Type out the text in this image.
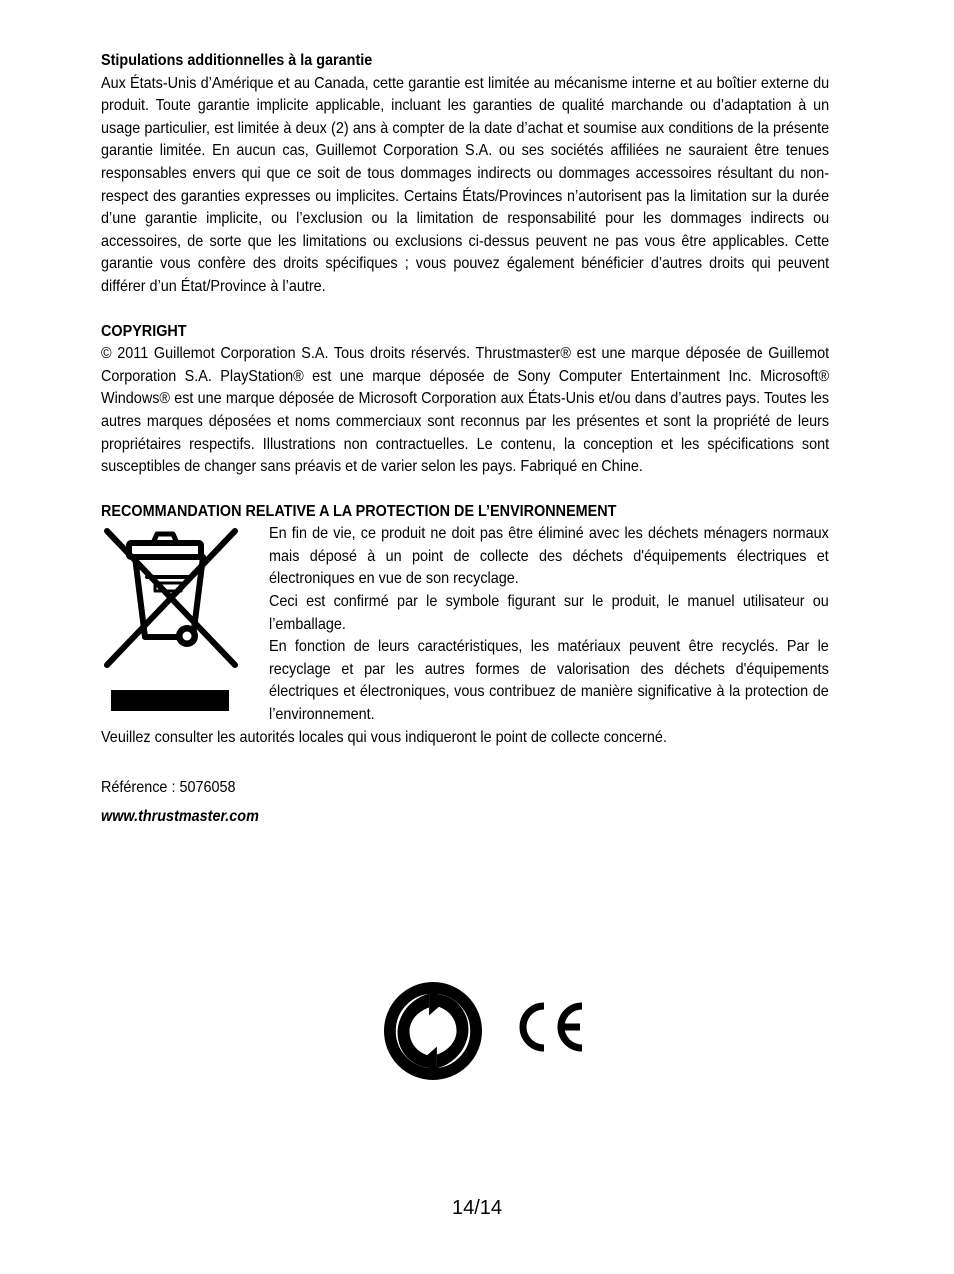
Stipulations additionnelles à la garantie

Aux États-Unis d’Amérique et au Canada, cette garantie est limitée au mécanisme interne et au boîtier externe du produit. Toute garantie implicite applicable, incluant les garanties de qualité marchande ou d’adaptation à un usage particulier, est limitée à deux (2) ans à compter de la date d’achat et soumise aux conditions de la présente garantie limitée. En aucun cas, Guillemot Corporation S.A. ou ses sociétés affiliées ne sauraient être tenues responsables envers qui que ce soit de tous dommages indirects ou dommages accessoires résultant du non-respect des garanties expresses ou implicites. Certains États/Provinces n’autorisent pas la limitation sur la durée d’une garantie implicite, ou l’exclusion ou la limitation de responsabilité pour les dommages indirects ou accessoires, de sorte que les limitations ou exclusions ci-dessus peuvent ne pas vous être applicables. Cette garantie vous confère des droits spécifiques ; vous pouvez également bénéficier d’autres droits qui peuvent différer d’un État/Province à l’autre.

COPYRIGHT

© 2011 Guillemot Corporation S.A. Tous droits réservés. Thrustmaster® est une marque déposée de Guillemot Corporation S.A. PlayStation® est une marque déposée de Sony Computer Entertainment Inc. Microsoft® Windows® est une marque déposée de Microsoft Corporation aux États-Unis et/ou dans d’autres pays. Toutes les autres marques déposées et noms commerciaux sont reconnus par les présentes et sont la propriété de leurs propriétaires respectifs. Illustrations non contractuelles. Le contenu, la conception et les spécifications sont susceptibles de changer sans préavis et de varier selon les pays. Fabriqué en Chine.

RECOMMANDATION RELATIVE A LA PROTECTION DE L’ENVIRONNEMENT

En fin de vie, ce produit ne doit pas être éliminé avec les déchets ménagers normaux mais déposé à un point de collecte des déchets d'équipements électriques et électroniques en vue de son recyclage.

Ceci est confirmé par le symbole figurant sur le produit, le manuel utilisateur ou l’emballage.

En fonction de leurs caractéristiques, les matériaux peuvent être recyclés. Par le recyclage et par les autres formes de valorisation des déchets d'équipements électriques et électroniques, vous contribuez de manière significative à la protection de l’environnement.

Veuillez consulter les autorités locales qui vous indiqueront le point de collecte concerné.

Référence : 5076058

www.thrustmaster.com

14/14
